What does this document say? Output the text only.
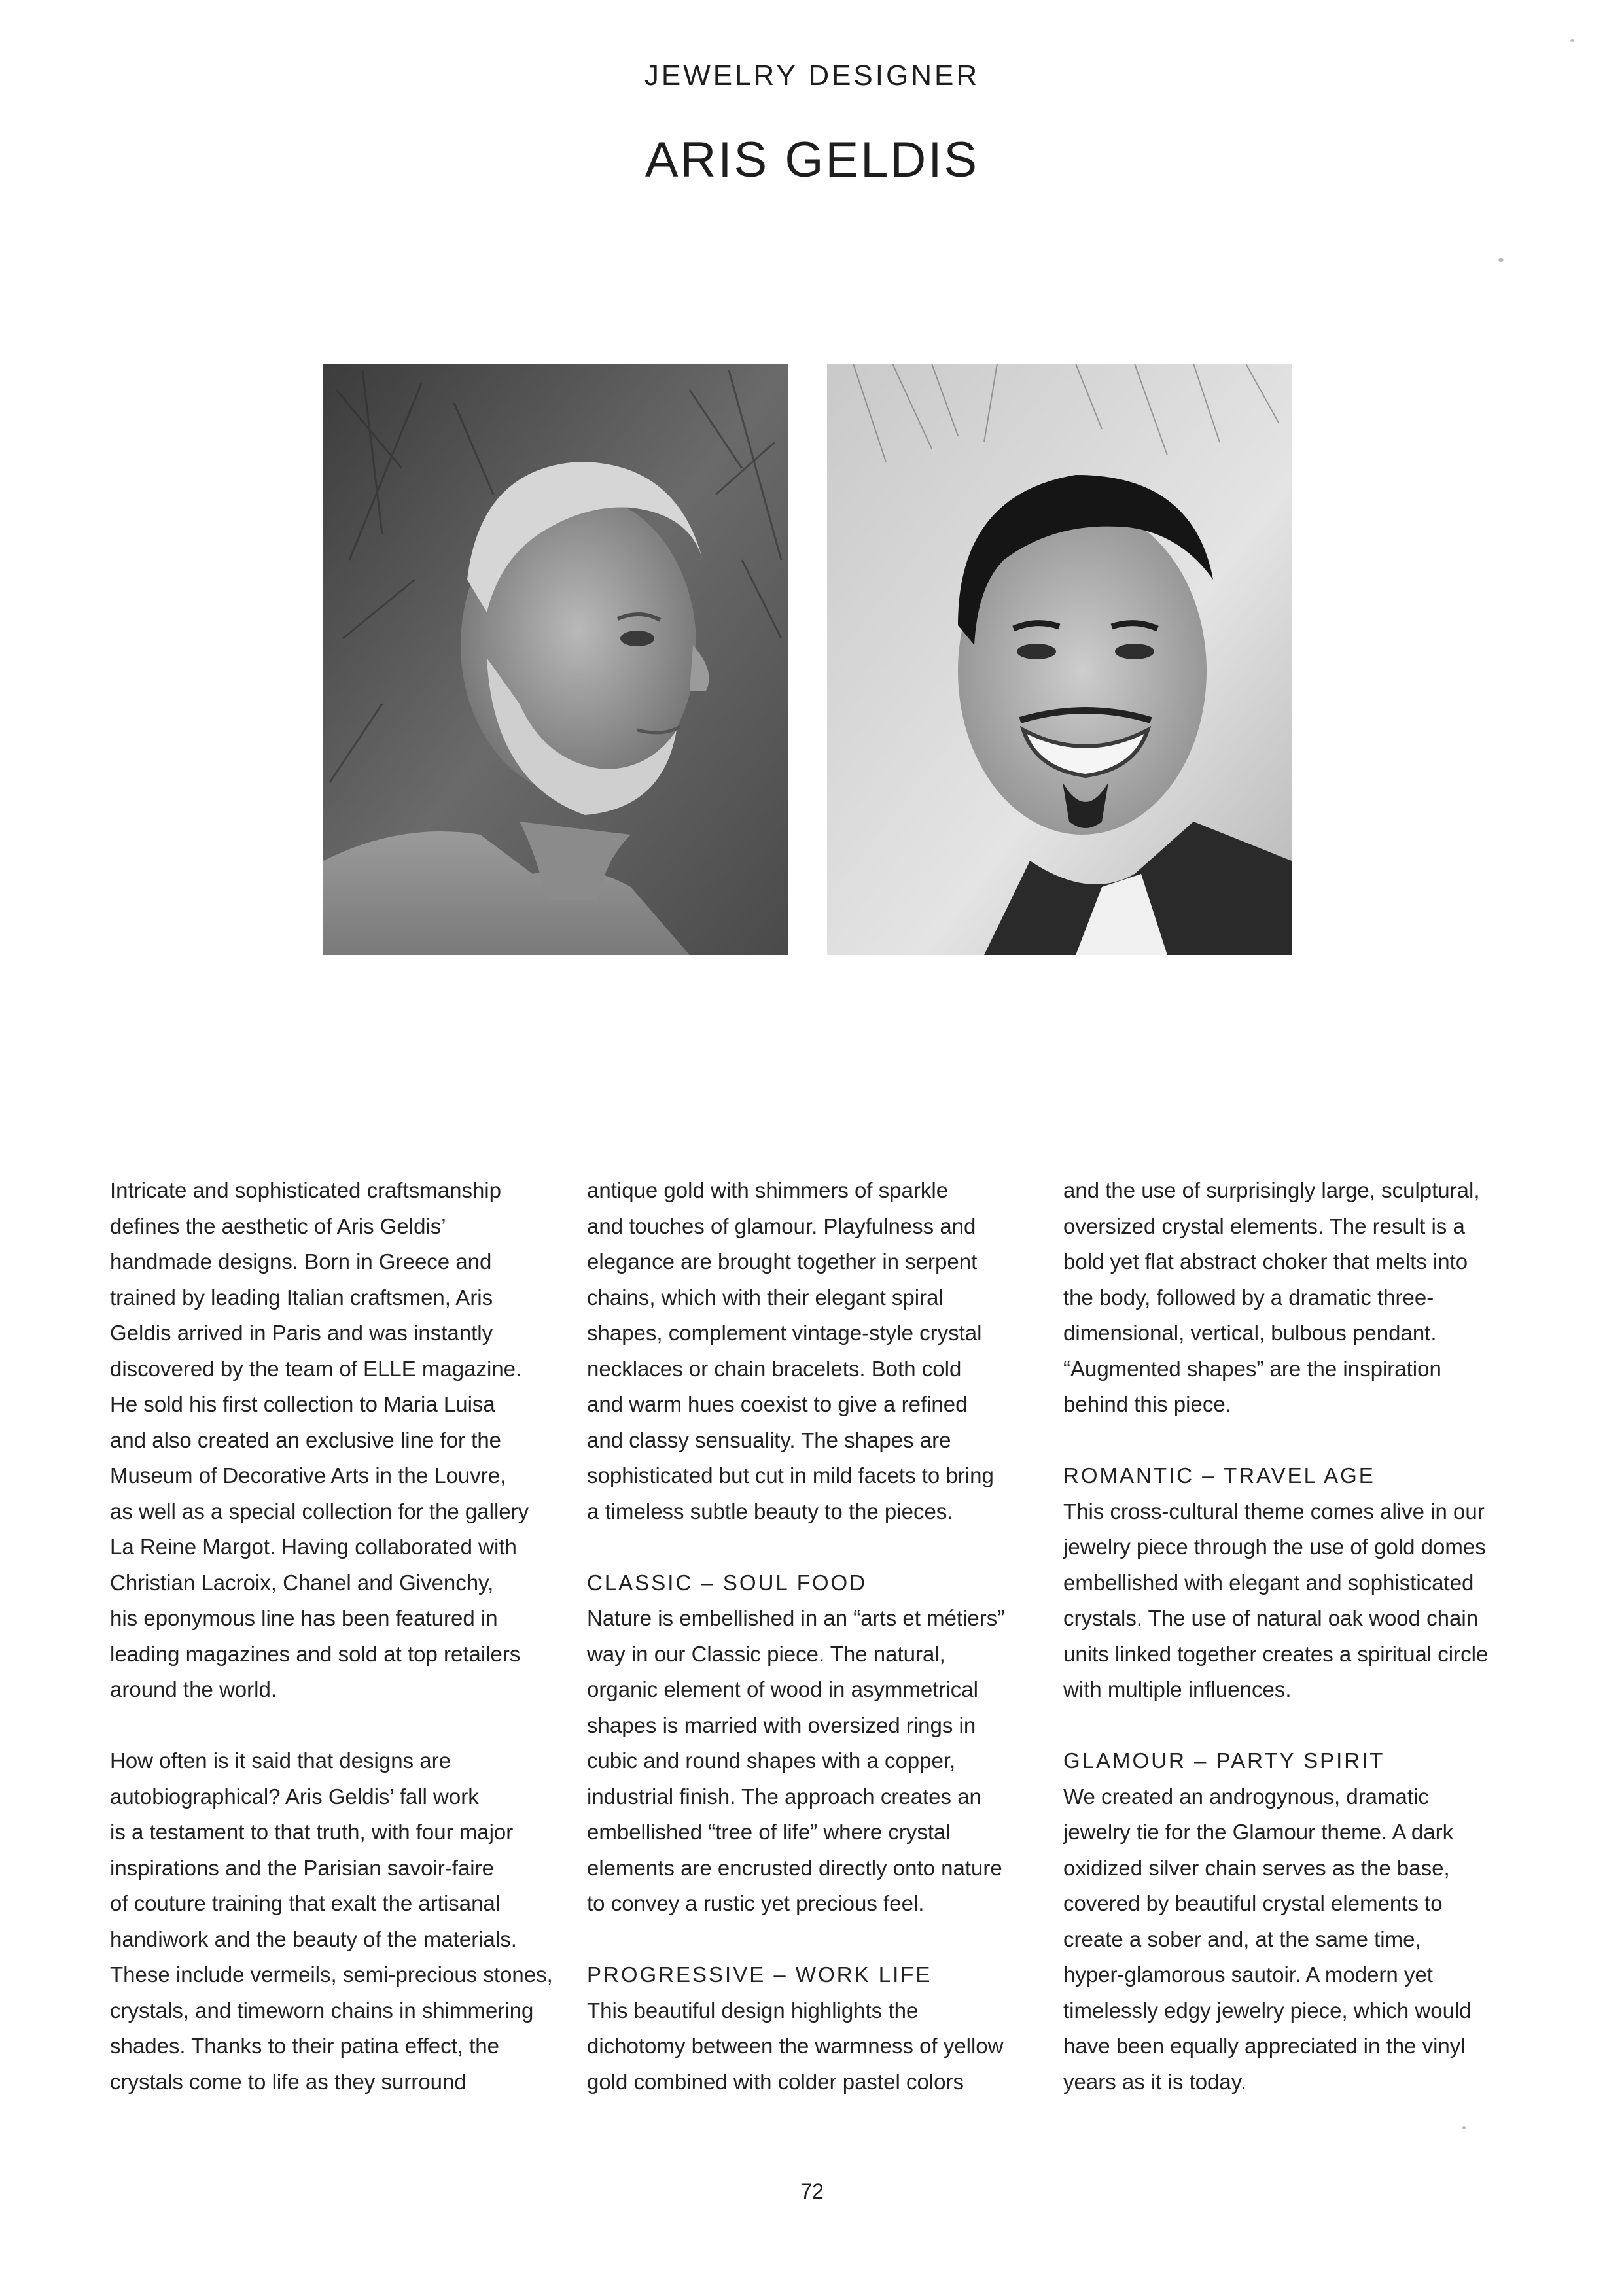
JEWELRY DESIGNER
ARIS GELDIS

Intricate and sophisticated craftsmanship
defines the aesthetic of Aris Geldis’
handmade designs. Born in Greece and
trained by leading Italian craftsmen, Aris
Geldis arrived in Paris and was instantly
discovered by the team of ELLE magazine.
He sold his first collection to Maria Luisa
and also created an exclusive line for the
Museum of Decorative Arts in the Louvre,
as well as a special collection for the gallery
La Reine Margot. Having collaborated with
Christian Lacroix, Chanel and Givenchy,
his eponymous line has been featured in
leading magazines and sold at top retailers
around the world.

How often is it said that designs are
autobiographical? Aris Geldis’ fall work
is a testament to that truth, with four major
inspirations and the Parisian savoir-faire
of couture training that exalt the artisanal
handiwork and the beauty of the materials.
These include vermeils, semi-precious stones,
crystals, and timeworn chains in shimmering
shades. Thanks to their patina effect, the
crystals come to life as they surround

antique gold with shimmers of sparkle
and touches of glamour. Playfulness and
elegance are brought together in serpent
chains, which with their elegant spiral
shapes, complement vintage-style crystal
necklaces or chain bracelets. Both cold
and warm hues coexist to give a refined
and classy sensuality. The shapes are
sophisticated but cut in mild facets to bring
a timeless subtle beauty to the pieces.

CLASSIC – SOUL FOOD

Nature is embellished in an “arts et métiers”
way in our Classic piece. The natural,
organic element of wood in asymmetrical
shapes is married with oversized rings in
cubic and round shapes with a copper,
industrial finish. The approach creates an
embellished “tree of life” where crystal
elements are encrusted directly onto nature
to convey a rustic yet precious feel.

PROGRESSIVE – WORK LIFE

This beautiful design highlights the
dichotomy between the warmness of yellow
gold combined with colder pastel colors

and the use of surprisingly large, sculptural,
oversized crystal elements. The result is a
bold yet flat abstract choker that melts into
the body, followed by a dramatic three-
dimensional, vertical, bulbous pendant.
“Augmented shapes” are the inspiration
behind this piece.

ROMANTIC – TRAVEL AGE

This cross-cultural theme comes alive in our
jewelry piece through the use of gold domes
embellished with elegant and sophisticated
crystals. The use of natural oak wood chain
units linked together creates a spiritual circle
with multiple influences.

GLAMOUR – PARTY SPIRIT

We created an androgynous, dramatic
jewelry tie for the Glamour theme. A dark
oxidized silver chain serves as the base,
covered by beautiful crystal elements to
create a sober and, at the same time,
hyper-glamorous sautoir. A modern yet
timelessly edgy jewelry piece, which would
have been equally appreciated in the vinyl
years as it is today.

72
